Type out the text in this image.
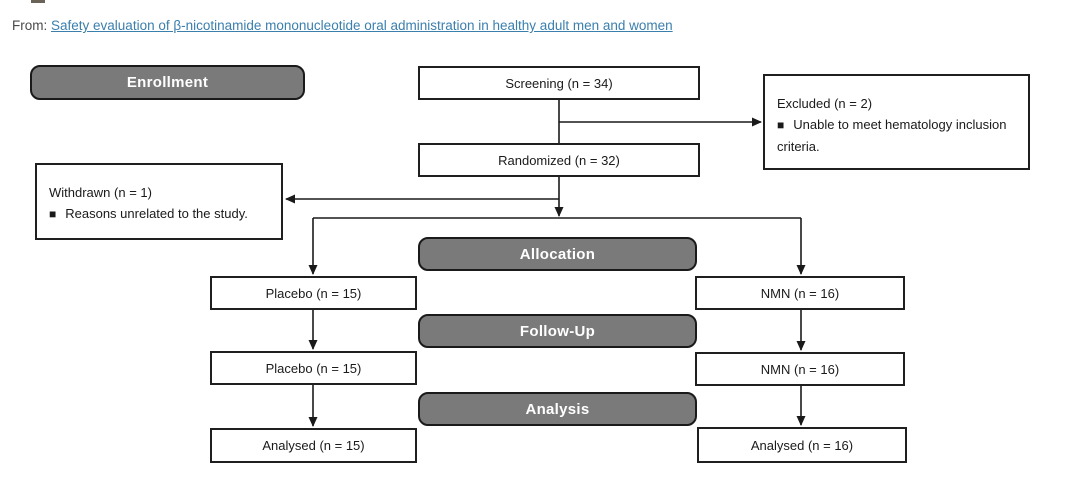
From: Safety evaluation of β-nicotinamide mononucleotide oral administration in healthy adult men and women
Enrollment
Allocation
Follow-Up
Analysis
Screening (n = 34)
Excluded (n = 2)
■ Unable to meet hematology inclusion criteria.
Randomized (n = 32)
Withdrawn (n = 1)
■ Reasons unrelated to the study.
Placebo (n = 15)	NMN (n = 16)
Placebo (n = 15)	NMN (n = 16)
Analysed (n = 15)	Analysed (n = 16)
